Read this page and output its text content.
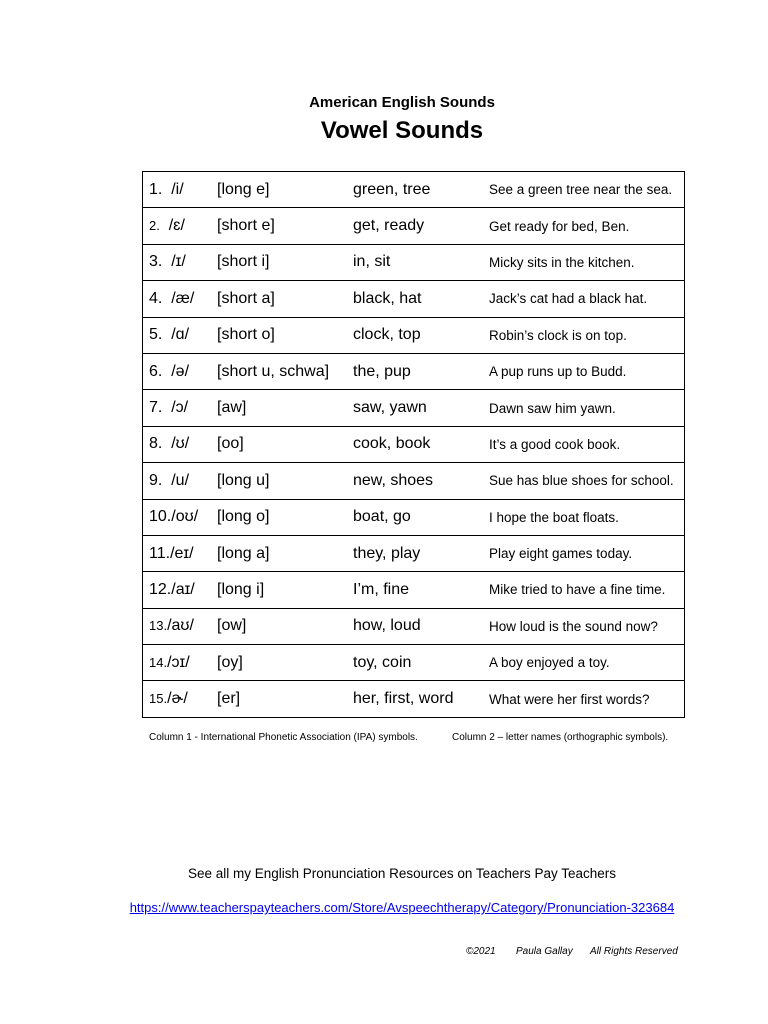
American English Sounds
Vowel Sounds
1. /i/	[long e]	green, tree	See a green tree near the sea.
2. /ɛ/	[short e]	get, ready	Get ready for bed, Ben.
3. /ɪ/	[short i]	in, sit	Micky sits in the kitchen.
4. /æ/	[short a]	black, hat	Jack’s cat had a black hat.
5. /ɑ/	[short o]	clock, top	Robin’s clock is on top.
6. /ə/	[short u, schwa]	the, pup	A pup runs up to Budd.
7. /ɔ/	[aw]	saw, yawn	Dawn saw him yawn.
8. /ʊ/	[oo]	cook, book	It’s a good cook book.
9. /u/	[long u]	new, shoes	Sue has blue shoes for school.
10./oʊ/	[long o]	boat, go	I hope the boat floats.
11./eɪ/	[long a]	they, play	Play eight games today.
12./aɪ/	[long i]	I’m, fine	Mike tried to have a fine time.
13./aʊ/	[ow]	how, loud	How loud is the sound now?
14./ɔɪ/	[oy]	toy, coin	A boy enjoyed a toy.
15./ɚ/	[er]	her, first, word	What were her first words?
Column 1 - International Phonetic Association (IPA) symbols.	Column 2 – letter names (orthographic symbols).
See all my English Pronunciation Resources on Teachers Pay Teachers
https://www.teacherspayteachers.com/Store/Avspeechtherapy/Category/Pronunciation-323684
©2021 Paula Gallay All Rights Reserved
